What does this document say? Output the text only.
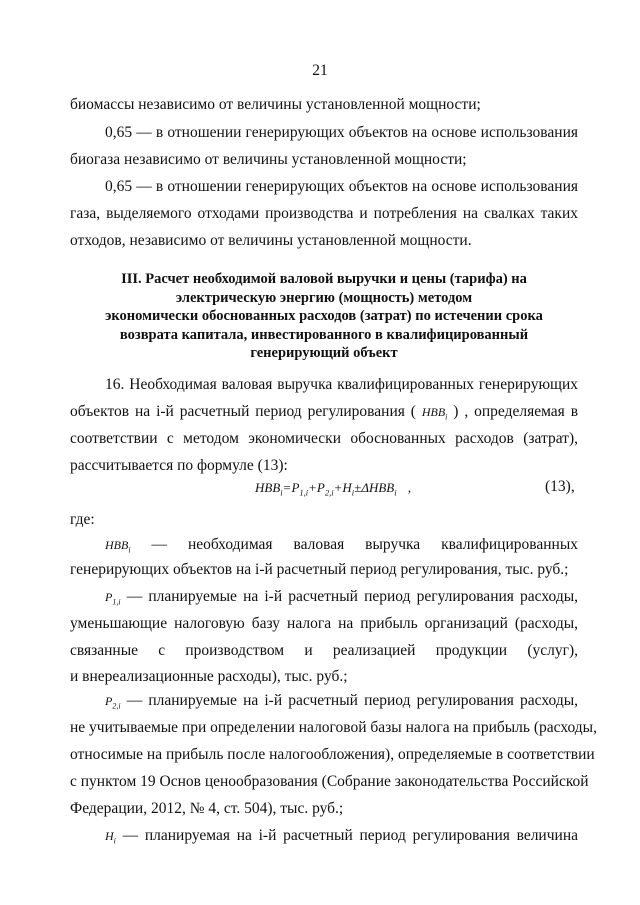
21
биомассы независимо от величины установленной мощности;
0,65 — в отношении генерирующих объектов на основе использования
биогаза независимо от величины установленной мощности;
0,65 — в отношении генерирующих объектов на основе использования
газа, выделяемого отходами производства и потребления на свалках таких
отходов, независимо от величины установленной мощности.
III. Расчет необходимой валовой выручки и цены (тарифа) на
электрическую энергию (мощность) методом
экономически обоснованных расходов (затрат) по истечении срока
возврата капитала, инвестированного в квалифицированный
генерирующий объект
16. Необходимая валовая выручка квалифицированных генерирующих
объектов на i-й расчетный период регулирования ( $HBB_i$ ) , определяемая в
соответствии с методом экономически обоснованных расходов (затрат),
рассчитывается по формуле (13):
$HBB_i=P_{1,i}+P_{2,i}+H_i\pm\Delta HBB_i$ ,	(13),
где:
$HBB_i$ — необходимая валовая выручка квалифицированных
генерирующих объектов на i-й расчетный период регулирования, тыс. руб.;
$P_{1,i}$ — планируемые на i-й расчетный период регулирования расходы,
уменьшающие налоговую базу налога на прибыль организаций (расходы,
связанные с производством и реализацией продукции (услуг),
и внереализационные расходы), тыс. руб.;
$P_{2,i}$ — планируемые на i-й расчетный период регулирования расходы,
не учитываемые при определении налоговой базы налога на прибыль (расходы,
относимые на прибыль после налогообложения), определяемые в соответствии
с пунктом 19 Основ ценообразования (Собрание законодательства Российской
Федерации, 2012, № 4, ст. 504), тыс. руб.;
$H_i$ — планируемая на i-й расчетный период регулирования величина
